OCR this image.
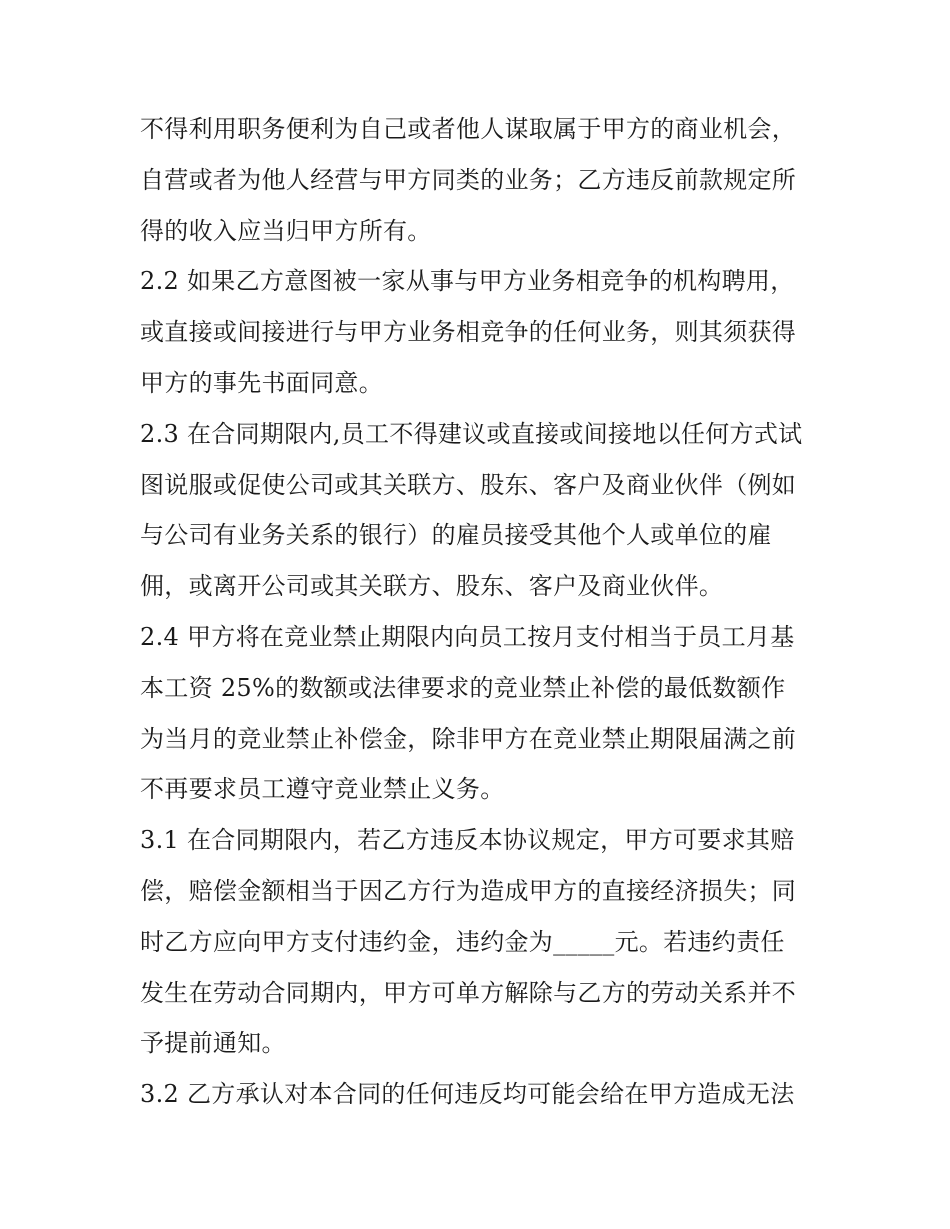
不得利用职务便利为自己或者他人谋取属于甲方的商业机会，
自营或者为他人经营与甲方同类的业务；乙方违反前款规定所
得的收入应当归甲方所有。
2.2 如果乙方意图被一家从事与甲方业务相竞争的机构聘用，
或直接或间接进行与甲方业务相竞争的任何业务，则其须获得
甲方的事先书面同意。
2.3 在合同期限内,员工不得建议或直接或间接地以任何方式试
图说服或促使公司或其关联方、股东、客户及商业伙伴（例如
与公司有业务关系的银行）的雇员接受其他个人或单位的雇
佣，或离开公司或其关联方、股东、客户及商业伙伴。
2.4 甲方将在竞业禁止期限内向员工按月支付相当于员工月基
本工资 25%的数额或法律要求的竞业禁止补偿的最低数额作
为当月的竞业禁止补偿金，除非甲方在竞业禁止期限届满之前
不再要求员工遵守竞业禁止义务。
3.1 在合同期限内，若乙方违反本协议规定，甲方可要求其赔
偿，赔偿金额相当于因乙方行为造成甲方的直接经济损失；同
时乙方应向甲方支付违约金，违约金为_____元。若违约责任
发生在劳动合同期内，甲方可单方解除与乙方的劳动关系并不
予提前通知。
3.2 乙方承认对本合同的任何违反均可能会给在甲方造成无法
